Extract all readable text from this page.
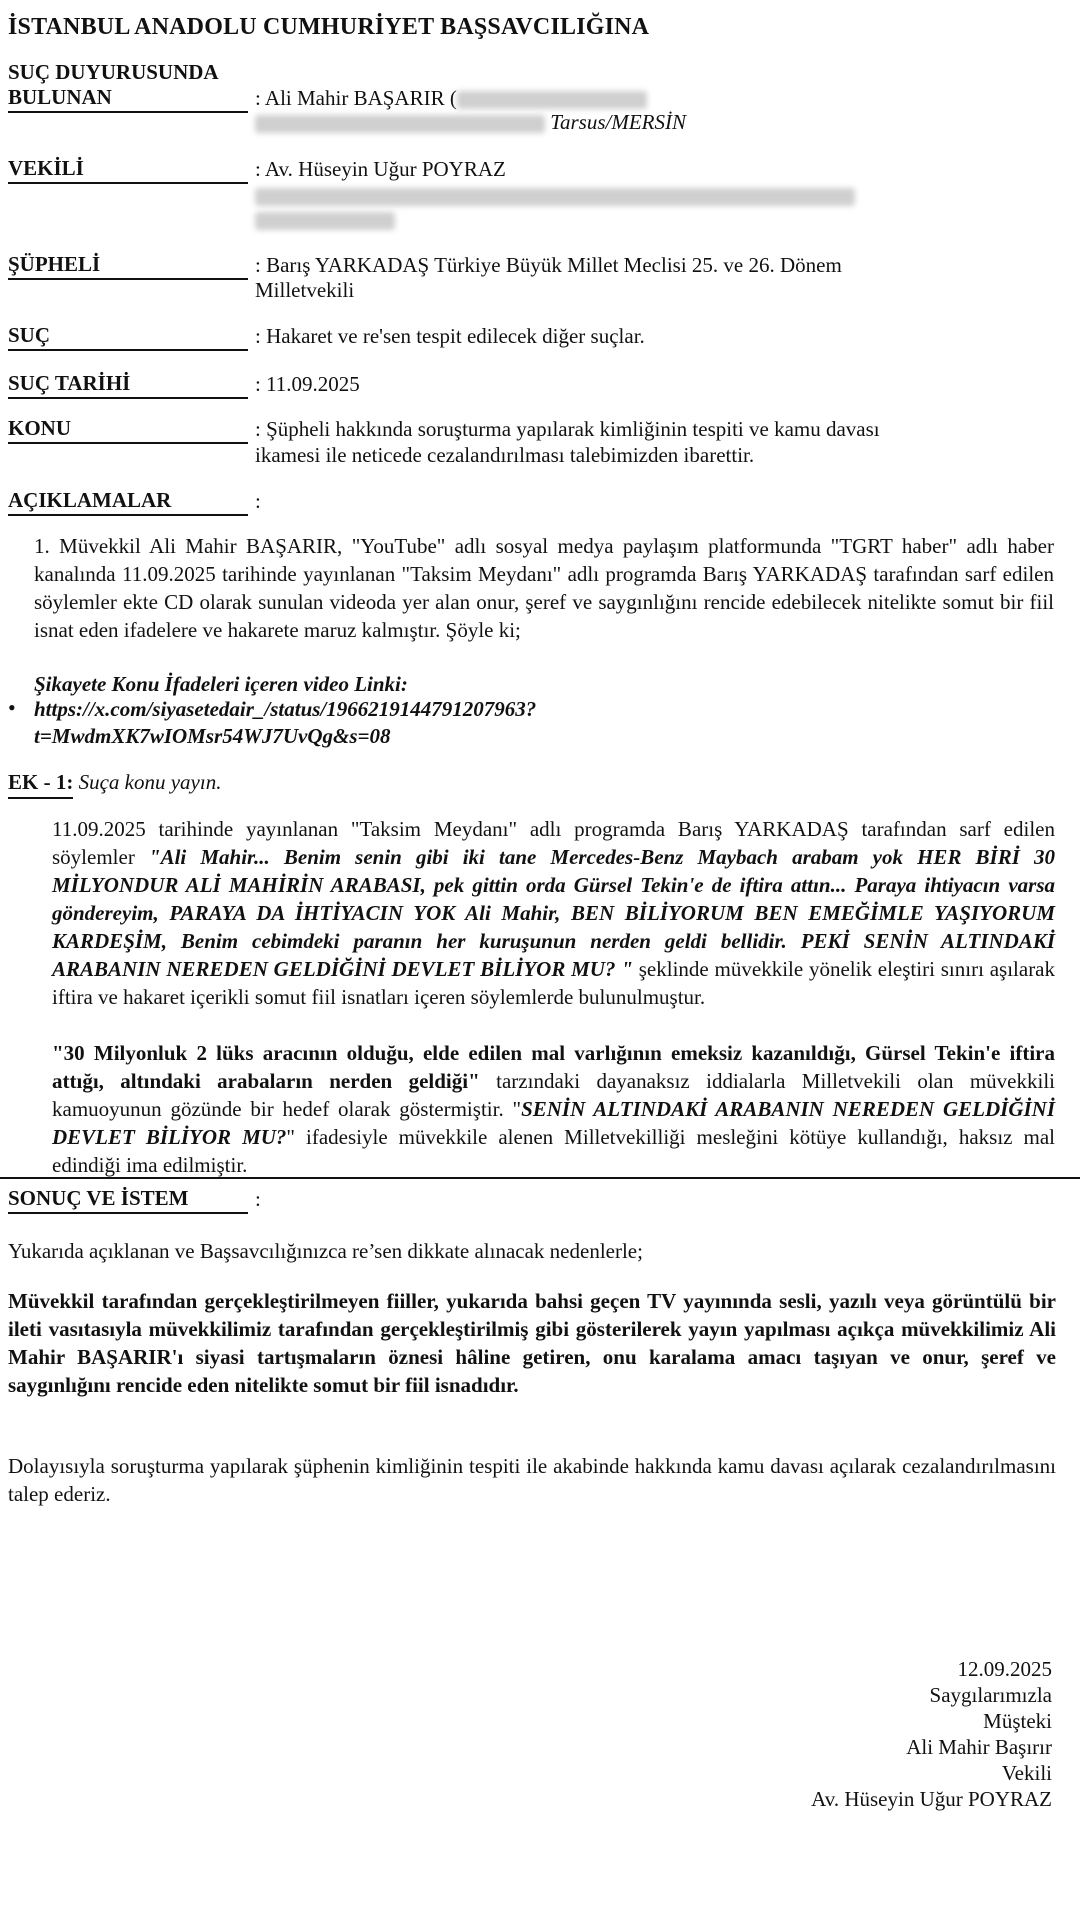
İSTANBUL ANADOLU CUMHURİYET BAŞSAVCILIĞINA
SUÇ DUYURUSUNDA
BULUNAN	: Ali Mahir BAŞARIR (
Tarsus/MERSİN
VEKİLİ	: Av. Hüseyin Uğur POYRAZ
ŞÜPHELİ	: Barış YARKADAŞ Türkiye Büyük Millet Meclisi 25. ve 26. Dönem
Milletvekili
SUÇ	: Hakaret ve re'sen tespit edilecek diğer suçlar.
SUÇ TARİHİ	: 11.09.2025
KONU	: Şüpheli hakkında soruşturma yapılarak kimliğinin tespiti ve kamu davası
ikamesi ile neticede cezalandırılması talebimizden ibarettir.
AÇIKLAMALAR	:
1. Müvekkil Ali Mahir BAŞARIR, "YouTube" adlı sosyal medya paylaşım platformunda "TGRT haber" adlı haber kanalında 11.09.2025 tarihinde yayınlanan "Taksim Meydanı" adlı programda Barış YARKADAŞ tarafından sarf edilen söylemler ekte CD olarak sunulan videoda yer alan onur, şeref ve saygınlığını rencide edebilecek nitelikte somut bir fiil isnat eden ifadelere ve hakarete maruz kalmıştır. Şöyle ki;
Şikayete Konu İfadeleri içeren video Linki:
• https://x.com/siyasetedair_/status/1966219144791207963?
t=MwdmXK7wIOMsr54WJ7UvQg&s=08
EK - 1: Suça konu yayın.
11.09.2025 tarihinde yayınlanan "Taksim Meydanı" adlı programda Barış YARKADAŞ tarafından sarf edilen söylemler "Ali Mahir... Benim senin gibi iki tane Mercedes-Benz Maybach arabam yok HER BİRİ 30 MİLYONDUR ALİ MAHİRİN ARABASI, pek gittin orda Gürsel Tekin'e de iftira attın... Paraya ihtiyacın varsa göndereyim, PARAYA DA İHTİYACIN YOK Ali Mahir, BEN BİLİYORUM BEN EMEĞİMLE YAŞIYORUM KARDEŞİM, Benim cebimdeki paranın her kuruşunun nerden geldi bellidir. PEKİ SENİN ALTINDAKİ ARABANIN NEREDEN GELDİĞİNİ DEVLET BİLİYOR MU? " şeklinde müvekkile yönelik eleştiri sınırı aşılarak iftira ve hakaret içerikli somut fiil isnatları içeren söylemlerde bulunulmuştur.
"30 Milyonluk 2 lüks aracının olduğu, elde edilen mal varlığının emeksiz kazanıldığı, Gürsel Tekin'e iftira attığı, altındaki arabaların nerden geldiği" tarzındaki dayanaksız iddialarla Milletvekili olan müvekkili kamuoyunun gözünde bir hedef olarak göstermiştir. "SENİN ALTINDAKİ ARABANIN NEREDEN GELDİĞİNİ DEVLET BİLİYOR MU?" ifadesiyle müvekkile alenen Milletvekilliği mesleğini kötüye kullandığı, haksız mal edindiği ima edilmiştir.
SONUÇ VE İSTEM	:
Yukarıda açıklanan ve Başsavcılığınızca re’sen dikkate alınacak nedenlerle;
Müvekkil tarafından gerçekleştirilmeyen fiiller, yukarıda bahsi geçen TV yayınında sesli, yazılı veya görüntülü bir ileti vasıtasıyla müvekkilimiz tarafından gerçekleştirilmiş gibi gösterilerek yayın yapılması açıkça müvekkilimiz Ali Mahir BAŞARIR'ı siyasi tartışmaların öznesi hâline getiren, onu karalama amacı taşıyan ve onur, şeref ve saygınlığını rencide eden nitelikte somut bir fiil isnadıdır.
Dolayısıyla soruşturma yapılarak şüphenin kimliğinin tespiti ile akabinde hakkında kamu davası açılarak cezalandırılmasını talep ederiz.
12.09.2025
Saygılarımızla
Müşteki
Ali Mahir Başırır
Vekili
Av. Hüseyin Uğur POYRAZ
